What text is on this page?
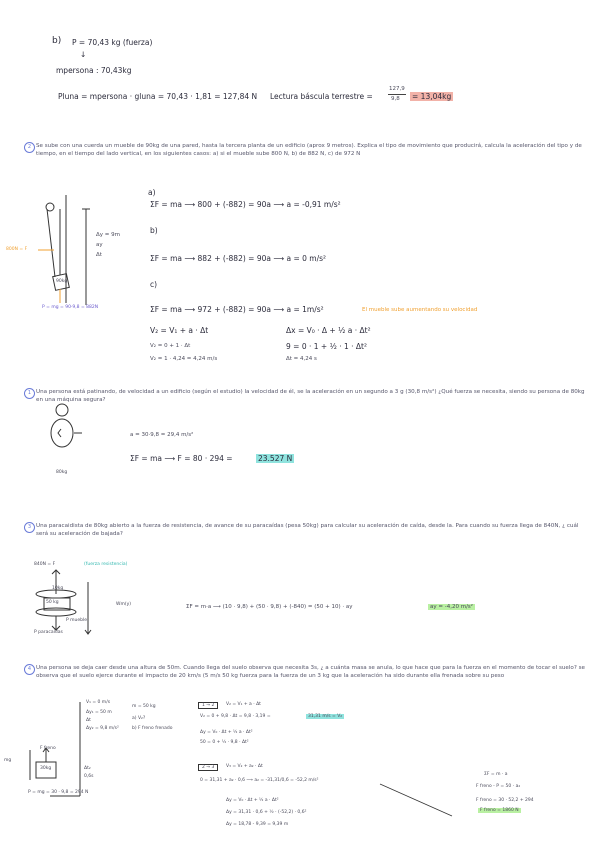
b) P = 70,43 kg (fuerza)
↓
mpersona : 70,43kg
Pluna = mpersona · gluna = 70,43 · 1,81 = 127,84 N Lectura báscula terrestre =
127,9
9,8 = 13,04kg
2 Se sube con una cuerda un mueble de 90kg de una pared, hasta la tercera planta de un edificio (aprox 9 metros). Explica el tipo de movimiento que producirá, calcula la aceleración del tipo y de tiempo, en el tiempo del lado vertical, en los siguientes casos: a) si el mueble sube 800 N, b) de 882 N, c) de 972 N
800N = F
90kg
P = mg = 90·9,8 = 882N
Δy = 9m
ay
Δt
a)
ΣF = ma ⟶ 800 + (-882) = 90a ⟶ a = -0,91 m/s²
b)
ΣF = ma ⟶ 882 + (-882) = 90a ⟶ a = 0 m/s²
c)
ΣF = ma ⟶ 972 + (-882) = 90a ⟶ a = 1m/s²	El mueble sube aumentando su velocidad
V₂ = V₁ + a · Δt
V₂ = 0 + 1 · Δt
V₂ = 1 · 4,24 = 4,24 m/s
Δx = V₀ · Δ + ½ a · Δt²
9 = 0 · 1 + ½ · 1 · Δt²
Δt = 4,24 s
1 Una persona está patinando, de velocidad a un edificio (según el estudio) la velocidad de él, se la aceleración en un segundo a 3 g (30,8 m/s²) ¿Qué fuerza se necesita, siendo su persona de 80kg en una máquina segura?
80kg
a = 30·9,8 = 29,4 m/s²
ΣF = ma ⟶ F = 80 · 294 =	23.527 N
3 Una paracaidista de 80kg abierto a la fuerza de resistencia, de avance de su paracaídas (pesa 50kg) para calcular su aceleración de caída, desde la. Para cuando su fuerza llega de 840N, ¿ cuál será su aceleración de bajada?
840N = F	(fuerza resistencia)
10kg
50 kg
P mueble
P paracaídas
Wm(y)	ΣF = m·a ⟶ (10 · 9,8) + (50 · 9,8) + (-840) = (50 + 10) · ay	ay = -4,20 m/s²
4 Una persona se deja caer desde una altura de 50m. Cuando llega del suelo observa que necesita 3s, ¿ a cuánta masa se anula, lo que hace que para la fuerza en el momento de tocar el suelo? se observa que el suelo ejerce durante el impacto de 20 km/s (5 m/s 50 kg fuerza para la fuerza de un 3 kg que la aceleración ha sido durante ella frenada sobre su peso
V₁ = 0 m/s
Δy₁ = 50 m
Δt
Δy₂ = 9,8 m/s²
F freno
mg
30kg
P = mg = 30 · 9,8 = 294 N
Δt₂
0,6s
m = 50 kg
a) V₂?
b) F freno frenado
1 → 2	V₂ = V₁ + a · Δt
V₂ = 0 + 9,8 · Δt = 9,8 · 3,19 =	31,31 m/s = V₂
Δy = V₀ · Δt + ½ a · Δt²
50 = 0 + ½ · 9,8 · Δt²
2 → 3	V₃ = V₂ + a₂ · Δt
0 = 31,31 + a₂ · 0,6 ⟶ a₂ = -31,31/0,6 = -52,2 m/s²
Δy = V₀ · Δt + ½ a · Δt²
Δy = 31,31 · 0,6 + ½ · (-52,2) · 0,6²
Δy = 18,78 - 9,39 = 9,39 m
ΣF = m · a
F freno - P = 50 · a₂
F freno = 30 · 52,2 + 294
F freno = 1860 N
